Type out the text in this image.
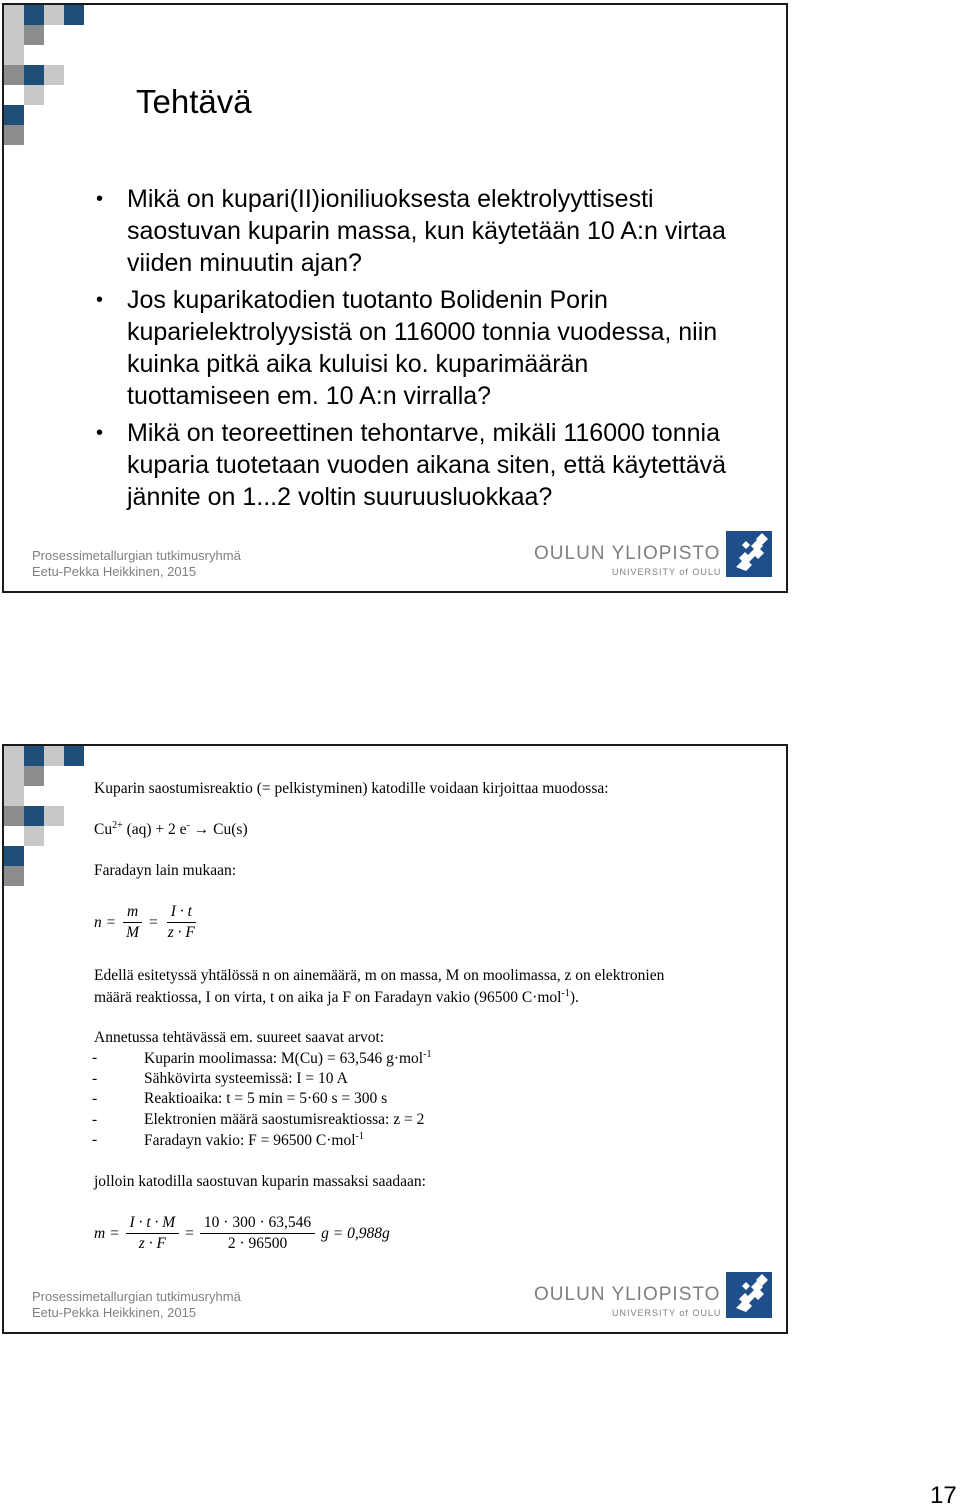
Tehtävä
• Mikä on kupari(II)ioniliuoksesta elektrolyyttisesti saostuvan kuparin massa, kun käytetään 10 A:n virtaa viiden minuutin ajan?
• Jos kuparikatodien tuotanto Bolidenin Porin kuparielektrolyysistä on 116000 tonnia vuodessa, niin kuinka pitkä aika kuluisi ko. kuparimäärän tuottamiseen em. 10 A:n virralla?
• Mikä on teoreettinen tehontarve, mikäli 116000 tonnia kuparia tuotetaan vuoden aikana siten, että käytettävä jännite on 1...2 voltin suuruusluokkaa?
Prosessimetallurgian tutkimusryhmä
Eetu-Pekka Heikkinen, 2015
OULUN YLIOPISTO
UNIVERSITY of OULU
Prosessimetallurgian tutkimusryhmä
Eetu-Pekka Heikkinen, 2015
OULUN YLIOPISTO
UNIVERSITY of OULU
Kuparin saostumisreaktio (= pelkistyminen) katodille voidaan kirjoittaa muodossa:
$Cu^{2+}$ (aq) + 2 e- → Cu(s)
Faradayn lain mukaan:
$n = \frac{m}{M} = \frac{I \cdot t}{z \cdot F}$
Edellä esitetyssä yhtälössä n on ainemäärä, m on massa, M on moolimassa, z on elektronien
määrä reaktiossa, I on virta, t on aika ja F on Faradayn vakio (96500 C·mol$^{-1}$).
Annetussa tehtävässä em. suureet saavat arvot:
-	Kuparin moolimassa: M(Cu) = 63,546 g·mol$^{-1}$
-	Sähkövirta systeemissä: I = 10 A
-	Reaktioaika: t = 5 min = 5·60 s = 300 s
-	Elektronien määrä saostumisreaktiossa: z = 2
-	Faradayn vakio: F = 96500 C·mol$^{-1}$
jolloin katodilla saostuvan kuparin massaksi saadaan:
$m = \frac{I \cdot t \cdot M}{z \cdot F} = \frac{10 \cdot 300 \cdot 63,546}{2 \cdot 96500}$ g = 0,988g
17
